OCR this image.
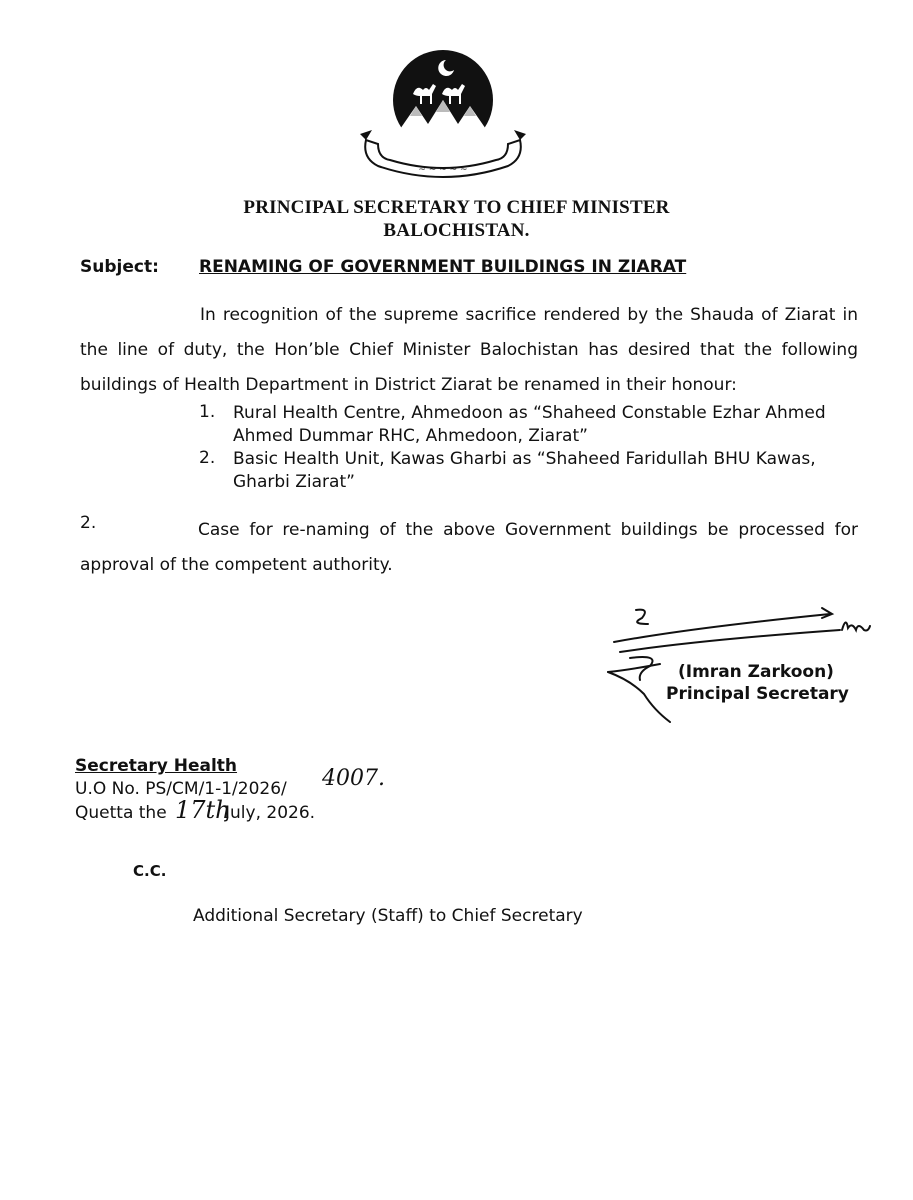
~ ~ ~ ~ ~
PRINCIPAL SECRETARY TO CHIEF MINISTER
BALOCHISTAN.
Subject: RENAMING OF GOVERNMENT BUILDINGS IN ZIARAT
In recognition of the supreme sacrifice rendered by the Shauda of Ziarat in the line of duty, the Hon’ble Chief Minister Balochistan has desired that the following buildings of Health Department in District Ziarat be renamed in their honour:
1. Rural Health Centre, Ahmedoon as “Shaheed Constable Ezhar Ahmed Ahmed Dummar RHC, Ahmedoon, Ziarat”
2. Basic Health Unit, Kawas Gharbi as “Shaheed Faridullah BHU Kawas, Gharbi Ziarat”
2.	Case for re-naming of the above Government buildings be processed for approval of the competent authority.
(Imran Zarkoon)
Principal Secretary
Secretary Health
U.O No. PS/CM/1-1/2026/ 4007.
Quetta the 17th
July, 2026.
C.C.
Additional Secretary (Staff) to Chief Secretary
